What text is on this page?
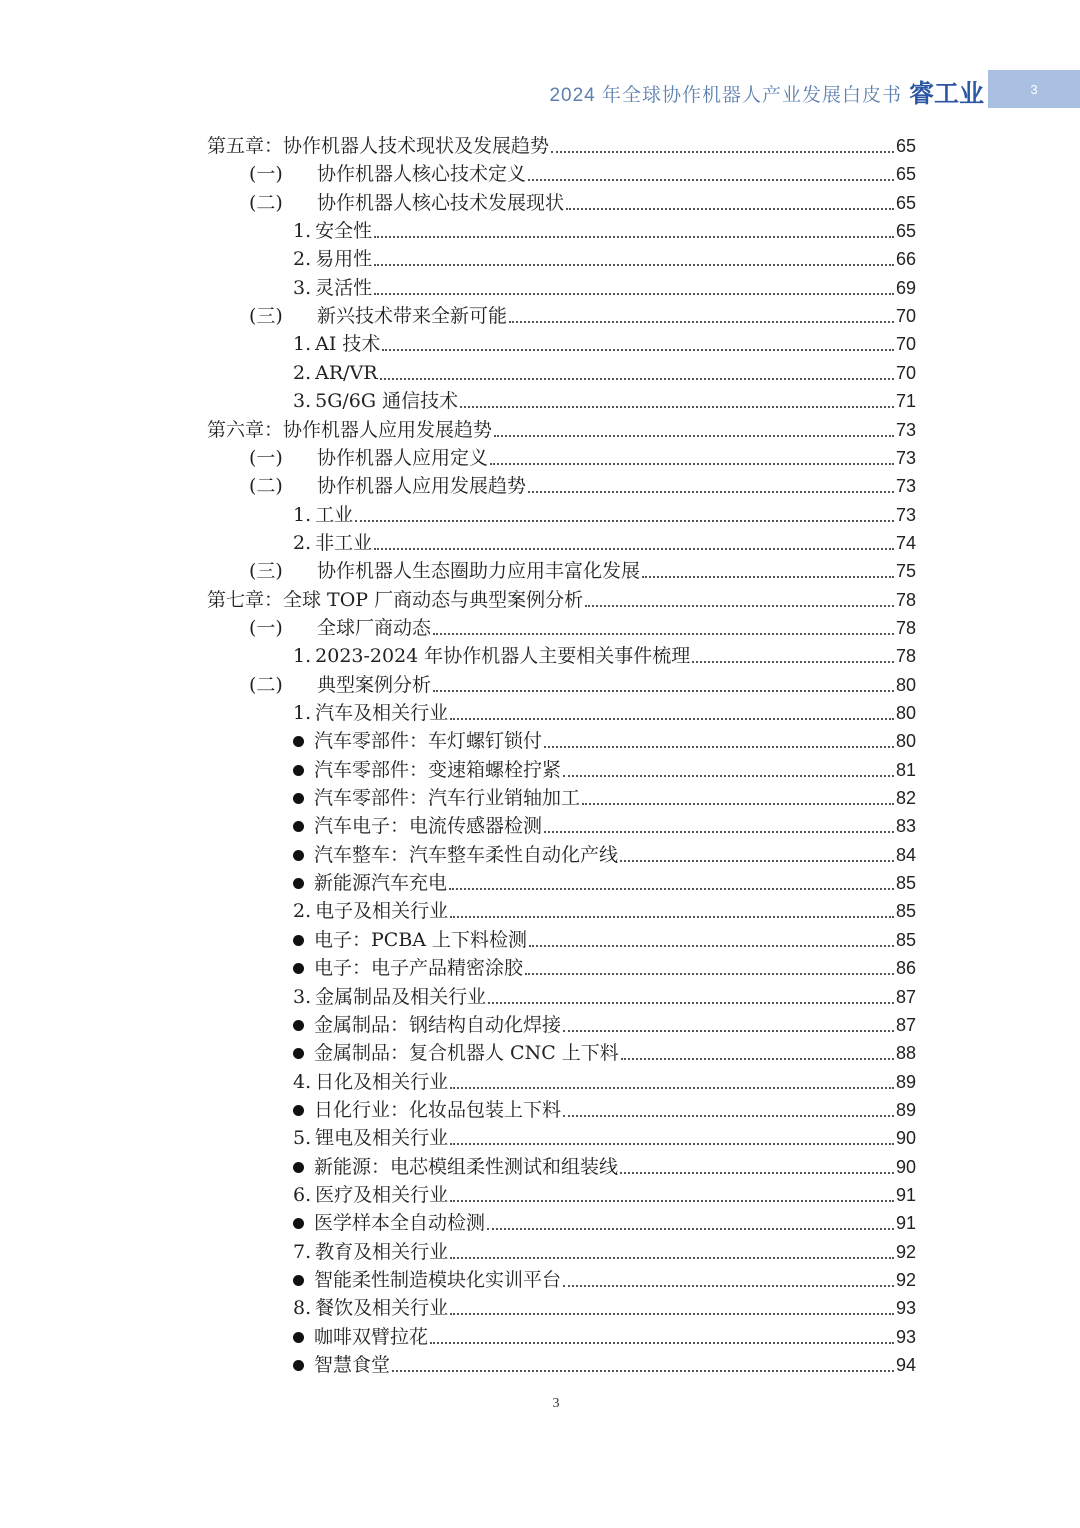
2024 年全球协作机器人产业发展白皮书 睿工业	3
第五章： 协作机器人技术现状及发展趋势	65
(一)	协作机器人核心技术定义	65
(二)	协作机器人核心技术发展现状	65
1. 安全性	65
2. 易用性	66
3. 灵活性	69
(三)	新兴技术带来全新可能	70
1. AI 技术	70
2. AR/VR	70
3. 5G/6G 通信技术	71
第六章： 协作机器人应用发展趋势	73
(一)	协作机器人应用定义	73
(二)	协作机器人应用发展趋势	73
1. 工业	73
2. 非工业	74
(三)	协作机器人生态圈助力应用丰富化发展	75
第七章： 全球 TOP 厂商动态与典型案例分析	78
(一)	全球厂商动态	78
1. 2023-2024 年协作机器人主要相关事件梳理	78
(二)	典型案例分析	80
1. 汽车及相关行业	80
汽车零部件：车灯螺钉锁付	80
汽车零部件：变速箱螺栓拧紧	81
汽车零部件：汽车行业销轴加工	82
汽车电子：电流传感器检测	83
汽车整车：汽车整车柔性自动化产线	84
新能源汽车充电	85
2. 电子及相关行业	85
电子：PCBA 上下料检测	85
电子：电子产品精密涂胶	86
3. 金属制品及相关行业	87
金属制品：钢结构自动化焊接	87
金属制品：复合机器人 CNC 上下料	88
4. 日化及相关行业	89
日化行业：化妆品包装上下料	89
5. 锂电及相关行业	90
新能源：电芯模组柔性测试和组装线	90
6. 医疗及相关行业	91
医学样本全自动检测	91
7. 教育及相关行业	92
智能柔性制造模块化实训平台	92
8. 餐饮及相关行业	93
咖啡双臂拉花	93
智慧食堂	94
3
